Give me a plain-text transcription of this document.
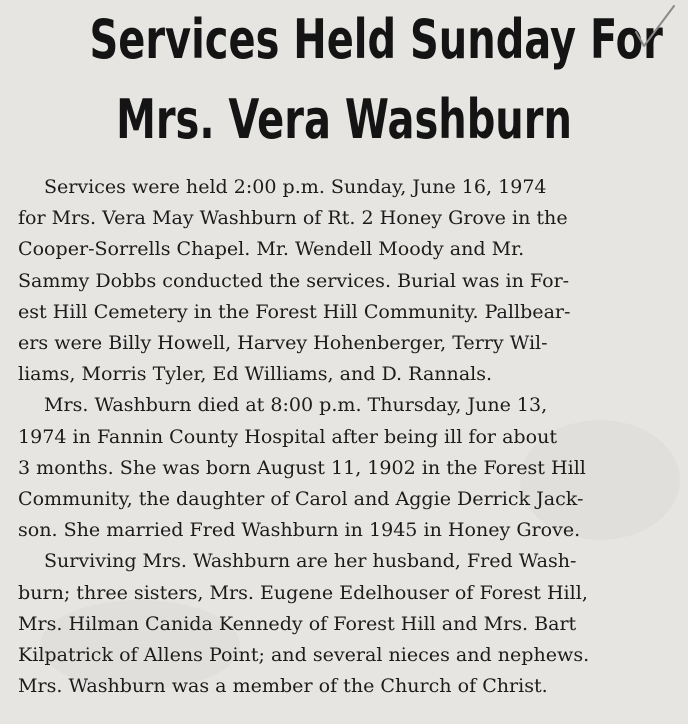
Services Held Sunday For
Mrs. Vera Washburn
Services were held 2:00 p.m. Sunday, June 16, 1974
for Mrs. Vera May Washburn of Rt. 2 Honey Grove in the
Cooper-Sorrells Chapel. Mr. Wendell Moody and Mr.
Sammy Dobbs conducted the services. Burial was in For-
est Hill Cemetery in the Forest Hill Community. Pallbear-
ers were Billy Howell, Harvey Hohenberger, Terry Wil-
liams, Morris Tyler, Ed Williams, and D. Rannals.
Mrs. Washburn died at 8:00 p.m. Thursday, June 13,
1974 in Fannin County Hospital after being ill for about
3 months. She was born August 11, 1902 in the Forest Hill
Community, the daughter of Carol and Aggie Derrick Jack-
son. She married Fred Washburn in 1945 in Honey Grove.
Surviving Mrs. Washburn are her husband, Fred Wash-
burn; three sisters, Mrs. Eugene Edelhouser of Forest Hill,
Mrs. Hilman Canida Kennedy of Forest Hill and Mrs. Bart
Kilpatrick of Allens Point; and several nieces and nephews.
Mrs. Washburn was a member of the Church of Christ.
